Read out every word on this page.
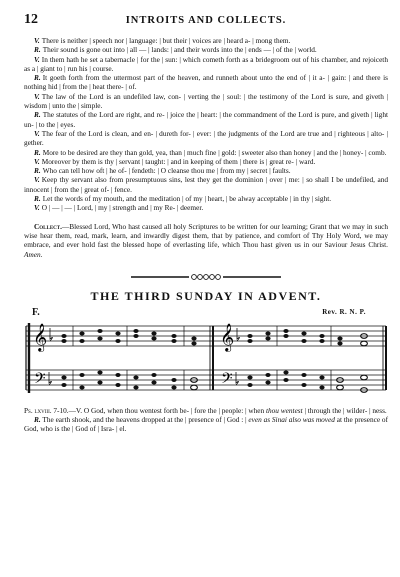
12	INTROITS AND COLLECTS.

V. There is neither | speech nor | language: | but their | voices are | heard a- | mong them.

R. Their sound is gone out into | all — | lands: | and their words into the | ends — | of the | world.

V. In them hath he set a tabernacle | for the | sun: | which cometh forth as a bridegroom out of his chamber, and rejoiceth as a | giant to | run his | course.

R. It goeth forth from the uttermost part of the heaven, and runneth about unto the end of | it a- | gain: | and there is nothing hid | from the | heat there- | of.

V. The law of the Lord is an undefiled law, con- | verting the | soul: | the testimony of the Lord is sure, and giveth | wisdom | unto the | simple.

R. The statutes of the Lord are right, and re- | joice the | heart: | the commandment of the Lord is pure, and giveth | light un- | to the | eyes.

V. The fear of the Lord is clean, and en- | dureth for- | ever: | the judgments of the Lord are true and | righteous | alto- | gether.

R. More to be desired are they than gold, yea, than | much fine | gold: | sweeter also than honey | and the | honey- | comb.

V. Moreover by them is thy | servant | taught: | and in keeping of them | there is | great re- | ward.

R. Who can tell how oft | he of- | fendeth: | O cleanse thou me | from my | secret | faults.

V. Keep thy servant also from presumptuous sins, lest they get the dominion | over | me: | so shall I be undefiled, and innocent | from the | great of- | fence.

R. Let the words of my mouth, and the meditation | of my | heart, | be alway acceptable | in thy | sight.

V. O | — | — | Lord, | my | strength and | my Re- | deemer.

Collect.—Blessed Lord, Who hast caused all holy Scriptures to be written for our learning; Grant that we may in such wise hear them, read, mark, learn, and inwardly digest them, that by patience, and comfort of Thy Holy Word, we may embrace, and ever hold fast the blessed hope of everlasting life, which Thou hast given us in our Saviour Jesus Christ. Amen.

THE THIRD SUNDAY IN ADVENT.
F.	Rev. R. N. P.
𝄞
𝄢
𝄞
𝄢

Ps. lxviii. 7-10.—V. O God, when thou wentest forth be- | fore the | people: | when thou wentest | through the | wilder- | ness.
R. The earth shook, and the heavens dropped at the | presence of | God : | even as Sinai also was moved at the presence of God, who is the | God of | Isra- | el.
